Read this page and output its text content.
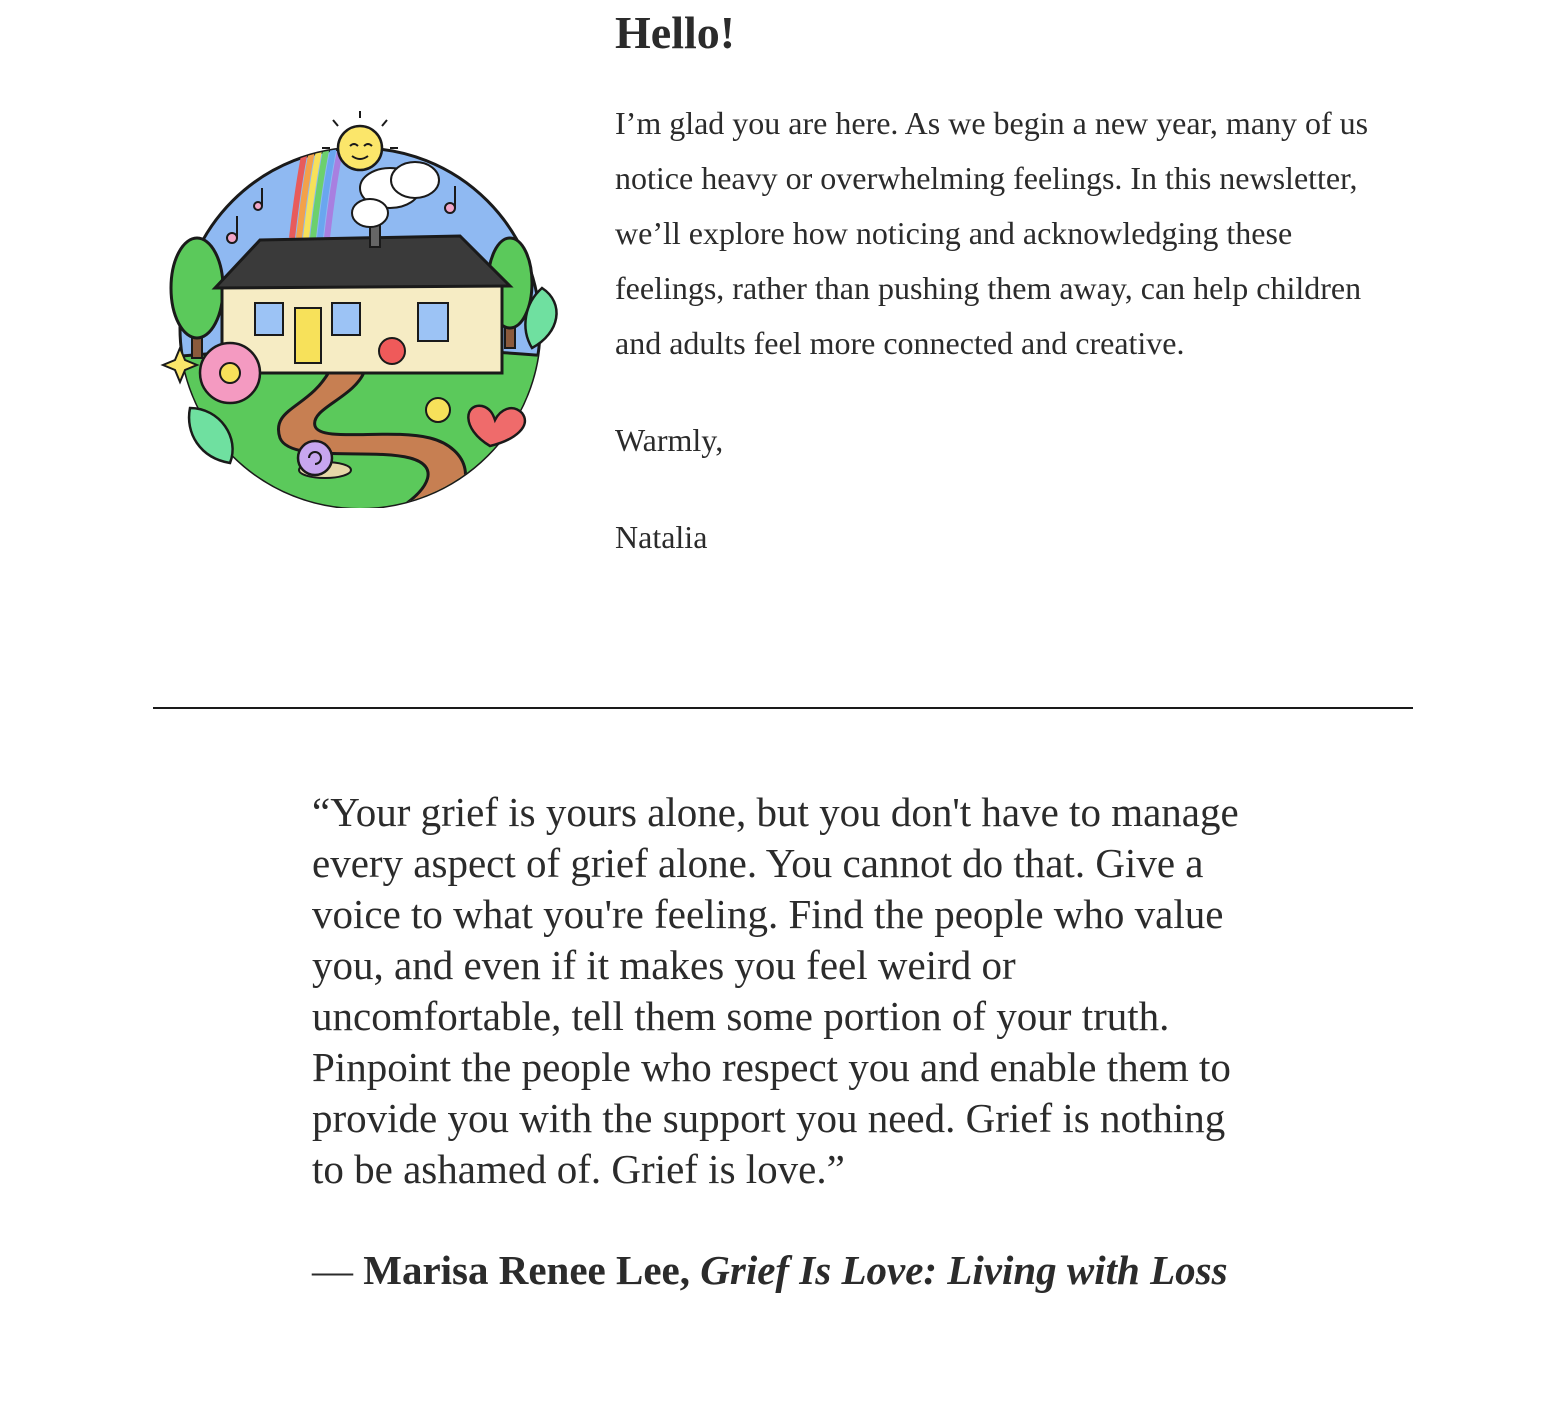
Hello!

I’m glad you are here. As we begin a new year, many of us notice heavy or overwhelming feelings. In this newsletter, we’ll explore how noticing and acknowledging these feelings, rather than pushing them away, can help children and adults feel more connected and creative.

Warmly,

Natalia

“Your grief is yours alone, but you don't have to manage every aspect of grief alone. You cannot do that. Give a voice to what you're feeling. Find the people who value you, and even if it makes you feel weird or uncomfortable, tell them some portion of your truth. Pinpoint the people who respect you and enable them to provide you with the support you need. Grief is nothing to be ashamed of. Grief is love.”

— Marisa Renee Lee, Grief Is Love: Living with Loss
